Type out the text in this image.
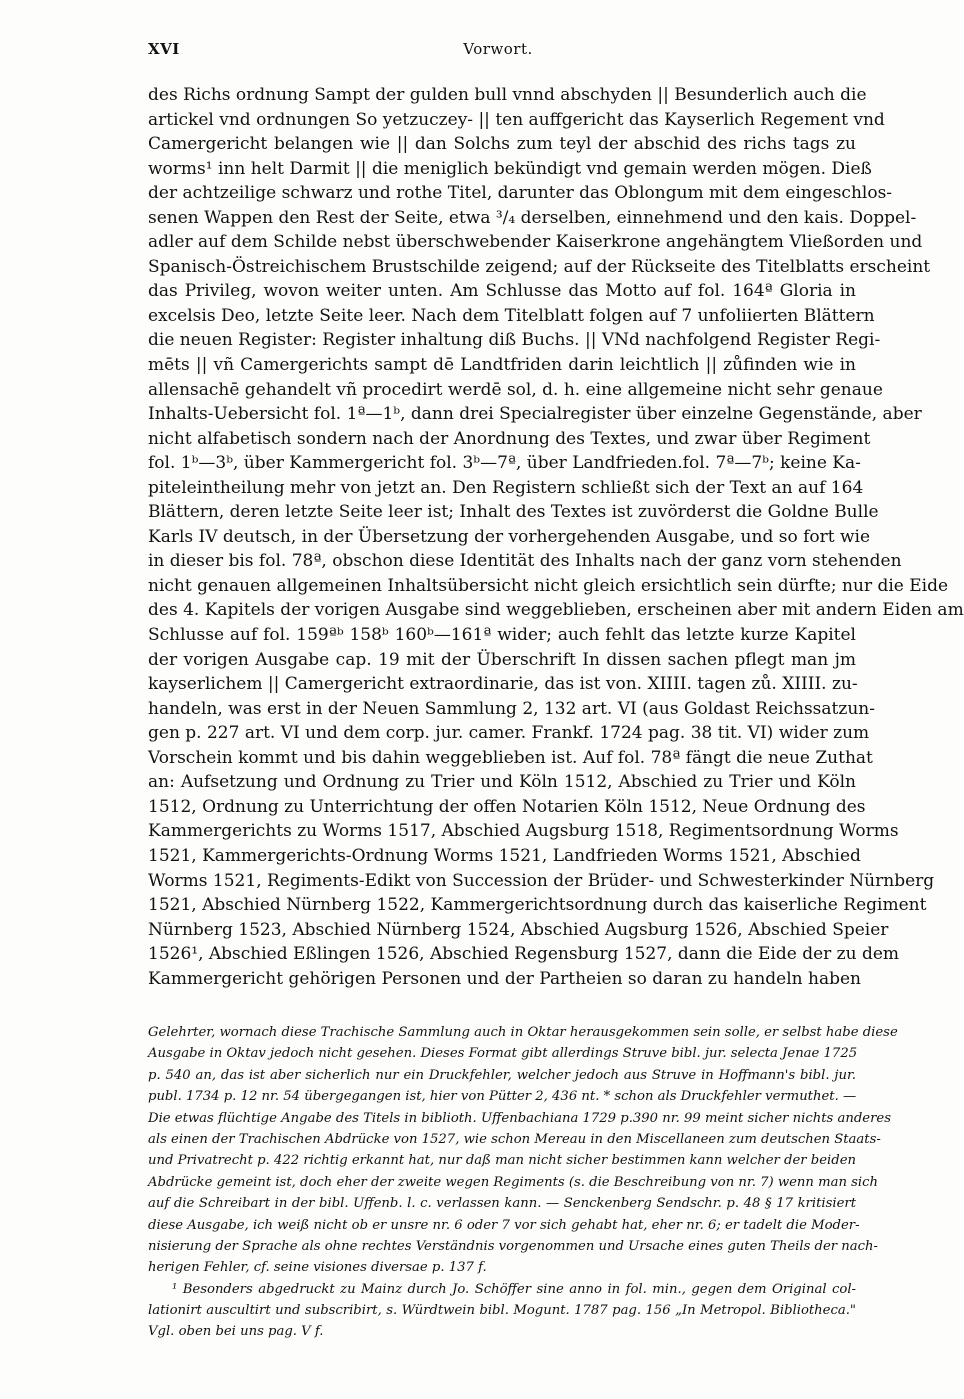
XVI	Vorwort.
des Richs ordnung Sampt der gulden bull vnnd abschyden || Besunderlich auch die
artickel vnd ordnungen So yetzuczey- || ten auffgericht das Kayserlich Regement vnd
Camergericht belangen wie || dan Solchs zum teyl der abschid des richs tags zu
worms¹ inn helt Darmit || die meniglich bekündigt vnd gemain werden mögen. Dieß
der achtzeilige schwarz und rothe Titel, darunter das Oblongum mit dem eingeschlos-
senen Wappen den Rest der Seite, etwa ³/₄ derselben, einnehmend und den kais. Doppel-
adler auf dem Schilde nebst überschwebender Kaiserkrone angehängtem Vließorden und
Spanisch-Östreichischem Brustschilde zeigend; auf der Rückseite des Titelblatts erscheint
das Privileg, wovon weiter unten. Am Schlusse das Motto auf fol. 164ª Gloria in
excelsis Deo, letzte Seite leer. Nach dem Titelblatt folgen auf 7 unfoliierten Blättern
die neuen Register: Register inhaltung diß Buchs. || VNd nachfolgend Register Regi-
mēts || vñ Camergerichts sampt dē Landtfriden darin leichtlich || zůfinden wie in
allensachē gehandelt vñ procedirt werdē sol, d. h. eine allgemeine nicht sehr genaue
Inhalts-Uebersicht fol. 1ª—1ᵇ, dann drei Specialregister über einzelne Gegenstände, aber
nicht alfabetisch sondern nach der Anordnung des Textes, und zwar über Regiment
fol. 1ᵇ—3ᵇ, über Kammergericht fol. 3ᵇ—7ª, über Landfrieden.fol. 7ª—7ᵇ; keine Ka-
piteleintheilung mehr von jetzt an. Den Registern schließt sich der Text an auf 164
Blättern, deren letzte Seite leer ist; Inhalt des Textes ist zuvörderst die Goldne Bulle
Karls IV deutsch, in der Übersetzung der vorhergehenden Ausgabe, und so fort wie
in dieser bis fol. 78ª, obschon diese Identität des Inhalts nach der ganz vorn stehenden
nicht genauen allgemeinen Inhaltsübersicht nicht gleich ersichtlich sein dürfte; nur die Eide
des 4. Kapitels der vorigen Ausgabe sind weggeblieben, erscheinen aber mit andern Eiden am
Schlusse auf fol. 159ªᵇ 158ᵇ 160ᵇ—161ª wider; auch fehlt das letzte kurze Kapitel
der vorigen Ausgabe cap. 19 mit der Überschrift In dissen sachen pflegt man jm
kayserlichem || Camergericht extraordinarie, das ist von. XIIII. tagen zů. XIIII. zu-
handeln, was erst in der Neuen Sammlung 2, 132 art. VI (aus Goldast Reichssatzun-
gen p. 227 art. VI und dem corp. jur. camer. Frankf. 1724 pag. 38 tit. VI) wider zum
Vorschein kommt und bis dahin weggeblieben ist. Auf fol. 78ª fängt die neue Zuthat
an: Aufsetzung und Ordnung zu Trier und Köln 1512, Abschied zu Trier und Köln
1512, Ordnung zu Unterrichtung der offen Notarien Köln 1512, Neue Ordnung des
Kammergerichts zu Worms 1517, Abschied Augsburg 1518, Regimentsordnung Worms
1521, Kammergerichts-Ordnung Worms 1521, Landfrieden Worms 1521, Abschied
Worms 1521, Regiments-Edikt von Succession der Brüder- und Schwesterkinder Nürnberg
1521, Abschied Nürnberg 1522, Kammergerichtsordnung durch das kaiserliche Regiment
Nürnberg 1523, Abschied Nürnberg 1524, Abschied Augsburg 1526, Abschied Speier
1526¹, Abschied Eßlingen 1526, Abschied Regensburg 1527, dann die Eide der zu dem
Kammergericht gehörigen Personen und der Partheien so daran zu handeln haben
Gelehrter, wornach diese Trachische Sammlung auch in Oktar herausgekommen sein solle, er selbst habe diese
Ausgabe in Oktav jedoch nicht gesehen. Dieses Format gibt allerdings Struve bibl. jur. selecta Jenae 1725
p. 540 an, das ist aber sicherlich nur ein Druckfehler, welcher jedoch aus Struve in Hoffmann's bibl. jur.
publ. 1734 p. 12 nr. 54 übergegangen ist, hier von Pütter 2, 436 nt. * schon als Druckfehler vermuthet. —
Die etwas flüchtige Angabe des Titels in biblioth. Uffenbachiana 1729 p.390 nr. 99 meint sicher nichts anderes
als einen der Trachischen Abdrücke von 1527, wie schon Mereau in den Miscellaneen zum deutschen Staats-
und Privatrecht p. 422 richtig erkannt hat, nur daß man nicht sicher bestimmen kann welcher der beiden
Abdrücke gemeint ist, doch eher der zweite wegen Regiments (s. die Beschreibung von nr. 7) wenn man sich
auf die Schreibart in der bibl. Uffenb. l. c. verlassen kann. — Senckenberg Sendschr. p. 48 § 17 kritisiert
diese Ausgabe, ich weiß nicht ob er unsre nr. 6 oder 7 vor sich gehabt hat, eher nr. 6; er tadelt die Moder-
nisierung der Sprache als ohne rechtes Verständnis vorgenommen und Ursache eines guten Theils der nach-
herigen Fehler, cf. seine visiones diversae p. 137 f.
¹ Besonders abgedruckt zu Mainz durch Jo. Schöffer sine anno in fol. min., gegen dem Original col-
lationirt auscultirt und subscribirt, s. Würdtwein bibl. Mogunt. 1787 pag. 156 „In Metropol. Bibliotheca."
Vgl. oben bei uns pag. V f.
